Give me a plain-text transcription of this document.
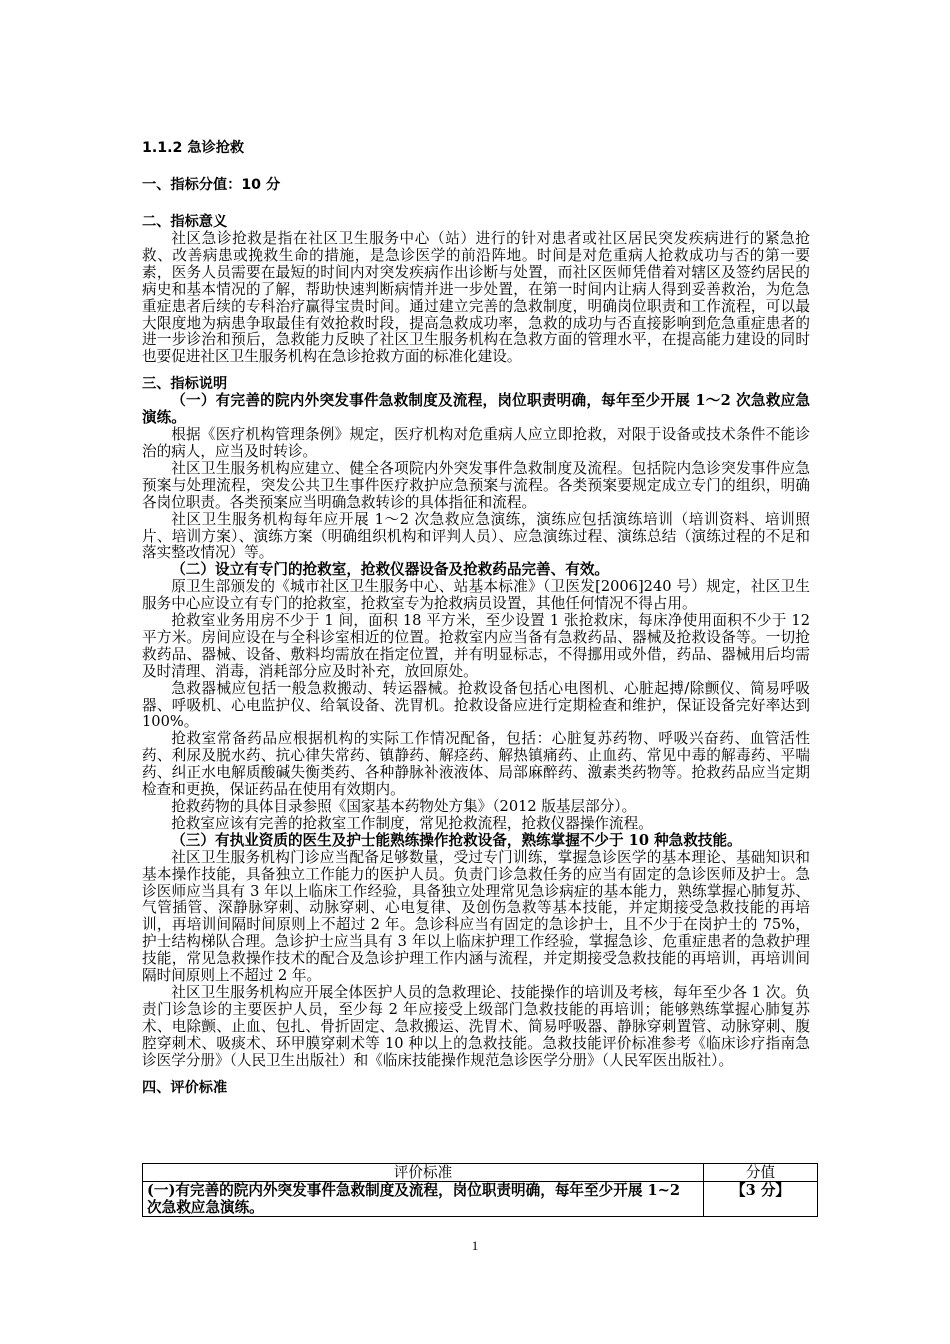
1.1.2 急诊抢救
一、指标分值：10 分
二、指标意义

社区急诊抢救是指在社区卫生服务中心（站）进行的针对患者或社区居民突发疾病进行的紧急抢救、改善病患或挽救生命的措施，是急诊医学的前沿阵地。时间是对危重病人抢救成功与否的第一要素，医务人员需要在最短的时间内对突发疾病作出诊断与处置，而社区医师凭借着对辖区及签约居民的病史和基本情况的了解，帮助快速判断病情并进一步处置，在第一时间内让病人得到妥善救治，为危急重症患者后续的专科治疗赢得宝贵时间。通过建立完善的急救制度，明确岗位职责和工作流程，可以最大限度地为病患争取最佳有效抢救时段，提高急救成功率，急救的成功与否直接影响到危急重症患者的进一步诊治和预后，急救能力反映了社区卫生服务机构在急救方面的管理水平，在提高能力建设的同时也要促进社区卫生服务机构在急诊抢救方面的标准化建设。

三、指标说明

（一）有完善的院内外突发事件急救制度及流程，岗位职责明确，每年至少开展 1～2 次急救应急演练。

根据《医疗机构管理条例》规定，医疗机构对危重病人应立即抢救，对限于设备或技术条件不能诊治的病人，应当及时转诊。

社区卫生服务机构应建立、健全各项院内外突发事件急救制度及流程。包括院内急诊突发事件应急预案与处理流程，突发公共卫生事件医疗救护应急预案与流程。各类预案要规定成立专门的组织，明确各岗位职责。各类预案应当明确急救转诊的具体指征和流程。

社区卫生服务机构每年应开展 1～2 次急救应急演练，演练应包括演练培训（培训资料、培训照片、培训方案）、演练方案（明确组织机构和评判人员）、应急演练过程、演练总结（演练过程的不足和落实整改情况）等。

（二）设立有专门的抢救室，抢救仪器设备及抢救药品完善、有效。

原卫生部颁发的《城市社区卫生服务中心、站基本标准》（卫医发[2006]240 号）规定，社区卫生服务中心应设立有专门的抢救室，抢救室专为抢救病员设置，其他任何情况不得占用。

抢救室业务用房不少于 1 间，面积 18 平方米，至少设置 1 张抢救床，每床净使用面积不少于 12 平方米。房间应设在与全科诊室相近的位置。抢救室内应当备有急救药品、器械及抢救设备等。一切抢救药品、器械、设备、敷料均需放在指定位置，并有明显标志，不得挪用或外借，药品、器械用后均需及时清理、消毒，消耗部分应及时补充，放回原处。

急救器械应包括一般急救搬动、转运器械。抢救设备包括心电图机、心脏起搏/除颤仪、简易呼吸器、呼吸机、心电监护仪、给氧设备、洗胃机。抢救设备应进行定期检查和维护，保证设备完好率达到 100%。

抢救室常备药品应根据机构的实际工作情况配备，包括：心脏复苏药物、呼吸兴奋药、血管活性药、利尿及脱水药、抗心律失常药、镇静药、解痉药、解热镇痛药、止血药、常见中毒的解毒药、平喘药、纠正水电解质酸碱失衡类药、各种静脉补液液体、局部麻醉药、激素类药物等。抢救药品应当定期检查和更换，保证药品在使用有效期内。

抢救药物的具体目录参照《国家基本药物处方集》（2012 版基层部分）。

抢救室应该有完善的抢救室工作制度，常见抢救流程，抢救仪器操作流程。

（三）有执业资质的医生及护士能熟练操作抢救设备，熟练掌握不少于 10 种急救技能。

社区卫生服务机构门诊应当配备足够数量，受过专门训练，掌握急诊医学的基本理论、基础知识和基本操作技能，具备独立工作能力的医护人员。负责门诊急救任务的应当有固定的急诊医师及护士。急诊医师应当具有 3 年以上临床工作经验，具备独立处理常见急诊病症的基本能力，熟练掌握心肺复苏、气管插管、深静脉穿刺、动脉穿刺、心电复律、及创伤急救等基本技能，并定期接受急救技能的再培训，再培训间隔时间原则上不超过 2 年。急诊科应当有固定的急诊护士，且不少于在岗护士的 75%，护士结构梯队合理。急诊护士应当具有 3 年以上临床护理工作经验，掌握急诊、危重症患者的急救护理技能，常见急救操作技术的配合及急诊护理工作内涵与流程，并定期接受急救技能的再培训，再培训间隔时间原则上不超过 2 年。

社区卫生服务机构应开展全体医护人员的急救理论、技能操作的培训及考核，每年至少各 1 次。负责门诊急诊的主要医护人员，至少每 2 年应接受上级部门急救技能的再培训；能够熟练掌握心肺复苏术、电除颤、止血、包扎、骨折固定、急救搬运、洗胃术、简易呼吸器、静脉穿刺置管、动脉穿刺、腹腔穿刺术、吸痰术、环甲膜穿刺术等 10 种以上的急救技能。急救技能评价标准参考《临床诊疗指南急诊医学分册》（人民卫生出版社）和《临床技能操作规范急诊医学分册》（人民军医出版社）。

四、评价标准
评价标准	分值
(一)有完善的院内外突发事件急救制度及流程，岗位职责明确，每年至少开展 1~2 次急救应急演练。	【3 分】
1
